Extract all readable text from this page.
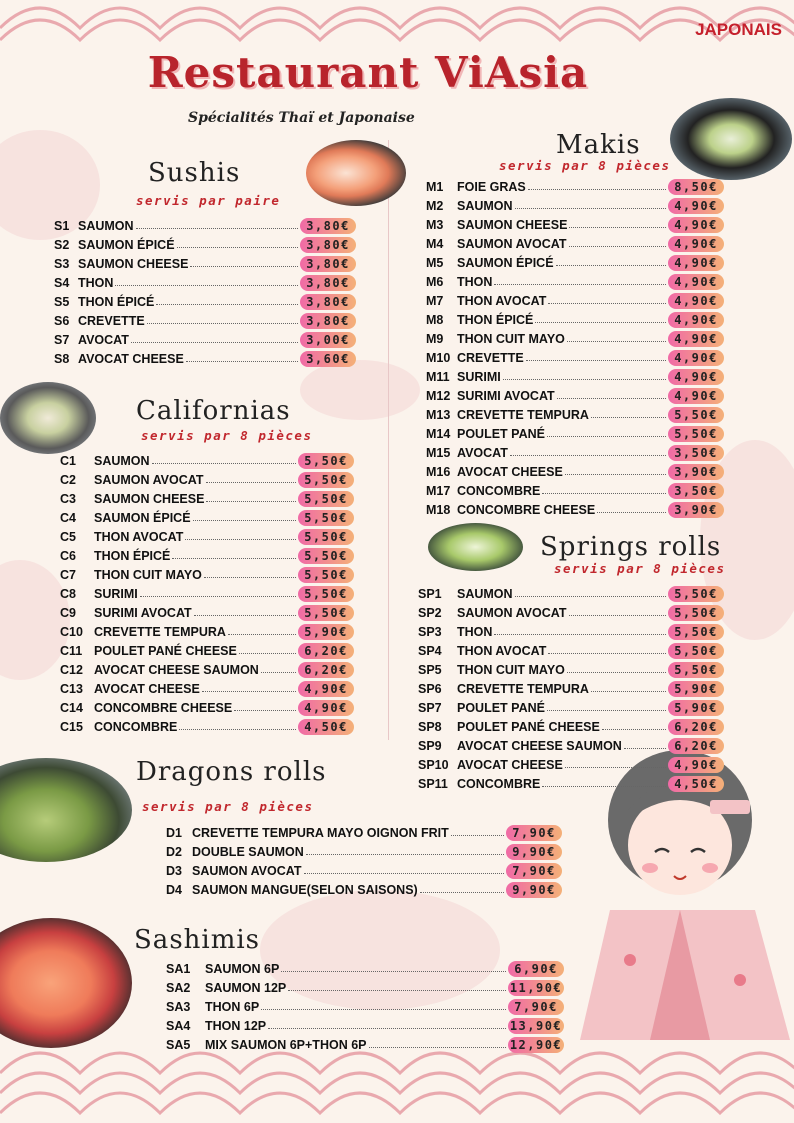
JAPONAIS
Restaurant ViAsia
Spécialités Thaï et Japonaise
Sushis
servis par paire
Californias
servis par 8 pièces
Makis
servis par 8 pièces
Springs rolls
servis par 8 pièces
Dragons rolls
servis par 8 pièces
Sashimis
S1 SAUMON	3,80€
S2 SAUMON ÉPICÉ	3,80€
S3 SAUMON CHEESE	3,80€
S4 THON	3,80€
S5 THON ÉPICÉ	3,80€
S6 CREVETTE	3,80€
S7 AVOCAT	3,00€
S8 AVOCAT CHEESE	3,60€
C1	SAUMON	5,50€
C2	SAUMON AVOCAT	5,50€
C3	SAUMON CHEESE	5,50€
C4	SAUMON ÉPICÉ	5,50€
C5	THON AVOCAT	5,50€
C6	THON ÉPICÉ	5,50€
C7	THON CUIT MAYO	5,50€
C8	SURIMI	5,50€
C9	SURIMI AVOCAT	5,50€
C10 CREVETTE TEMPURA	5,90€
C11 POULET PANÉ CHEESE	6,20€
C12 AVOCAT CHEESE SAUMON	6,20€
C13 AVOCAT CHEESE	4,90€
C14 CONCOMBRE CHEESE	4,90€
C15 CONCOMBRE	4,50€
M1	FOIE GRAS	8,50€
M2	SAUMON	4,90€
M3	SAUMON CHEESE	4,90€
M4	SAUMON AVOCAT	4,90€
M5	SAUMON ÉPICÉ	4,90€
M6	THON	4,90€
M7	THON AVOCAT	4,90€
M8	THON ÉPICÉ	4,90€
M9	THON CUIT MAYO	4,90€
M10 CREVETTE	4,90€
M11 SURIMI	4,90€
M12 SURIMI AVOCAT	4,90€
M13 CREVETTE TEMPURA	5,50€
M14 POULET PANÉ	5,50€
M15 AVOCAT	3,50€
M16 AVOCAT CHEESE	3,90€
M17 CONCOMBRE	3,50€
M18 CONCOMBRE CHEESE	3,90€
SP1	SAUMON	5,50€
SP2	SAUMON AVOCAT	5,50€
SP3	THON	5,50€
SP4	THON AVOCAT	5,50€
SP5	THON CUIT MAYO	5,50€
SP6	CREVETTE TEMPURA	5,90€
SP7	POULET PANÉ	5,90€
SP8	POULET PANÉ CHEESE	6,20€
SP9	AVOCAT CHEESE SAUMON	6,20€
SP10 AVOCAT CHEESE	4,90€
SP11 CONCOMBRE	4,50€
D1 CREVETTE TEMPURA MAYO OIGNON FRIT	7,90€
D2 DOUBLE SAUMON	9,90€
D3 SAUMON AVOCAT	7,90€
D4 SAUMON MANGUE(SELON SAISONS)	9,90€
SA1	SAUMON 6P	6,90€
SA2	SAUMON 12P	11,90€
SA3	THON 6P	7,90€
SA4	THON 12P	13,90€
SA5	MIX SAUMON 6P+THON 6P	12,90€
